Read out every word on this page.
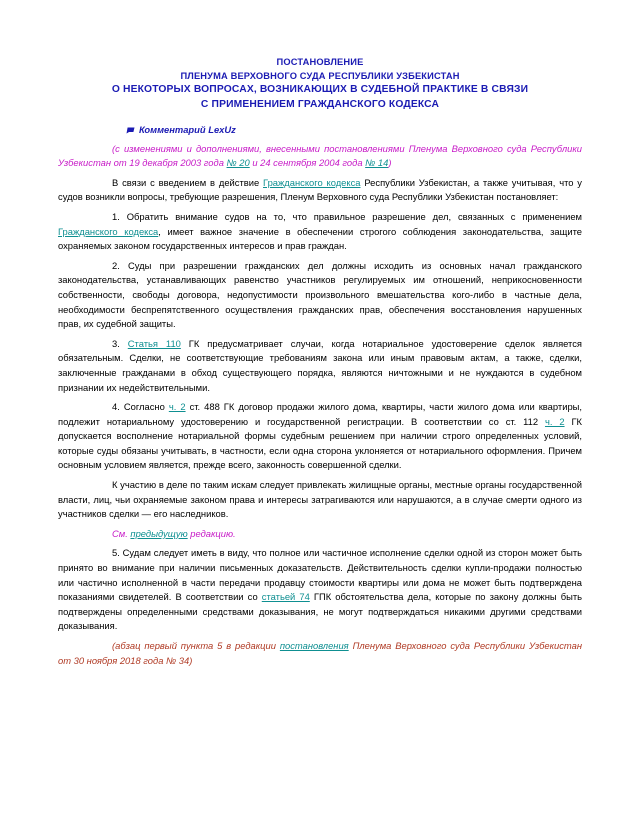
ПОСТАНОВЛЕНИЕ
ПЛЕНУМА ВЕРХОВНОГО СУДА РЕСПУБЛИКИ УЗБЕКИСТАН
О НЕКОТОРЫХ ВОПРОСАХ, ВОЗНИКАЮЩИХ В СУДЕБНОЙ ПРАКТИКЕ В СВЯЗИ
С ПРИМЕНЕНИЕМ ГРАЖДАНСКОГО КОДЕКСА
Комментарий LexUz
(с изменениями и дополнениями, внесенными постановлениями Пленума Верховного суда Республики Узбекистан от 19 декабря 2003 года № 20 и 24 сентября 2004 года № 14)
В связи с введением в действие Гражданского кодекса Республики Узбекистан, а также учитывая, что у судов возникли вопросы, требующие разрешения, Пленум Верховного суда Республики Узбекистан постановляет:
1. Обратить внимание судов на то, что правильное разрешение дел, связанных с применением Гражданского кодекса, имеет важное значение в обеспечении строгого соблюдения законодательства, защите охраняемых законом государственных интересов и прав граждан.
2. Суды при разрешении гражданских дел должны исходить из основных начал гражданского законодательства, устанавливающих равенство участников регулируемых им отношений, неприкосновенности собственности, свободы договора, недопустимости произвольного вмешательства кого-либо в частные дела, необходимости беспрепятственного осуществления гражданских прав, обеспечения восстановления нарушенных прав, их судебной защиты.
3. Статья 110 ГК предусматривает случаи, когда нотариальное удостоверение сделок является обязательным. Сделки, не соответствующие требованиям закона или иным правовым актам, а также, сделки, заключенные гражданами в обход существующего порядка, являются ничтожными и не нуждаются в судебном признании их недействительными.
4. Согласно ч. 2 ст. 488 ГК договор продажи жилого дома, квартиры, части жилого дома или квартиры, подлежит нотариальному удостоверению и государственной регистрации. В соответствии со ст. 112 ч. 2 ГК допускается восполнение нотариальной формы судебным решением при наличии строго определенных условий, которые суды обязаны учитывать, в частности, если одна сторона уклоняется от нотариального оформления. Причем основным условием является, прежде всего, законность совершенной сделки.
К участию в деле по таким искам следует привлекать жилищные органы, местные органы государственной власти, лиц, чьи охраняемые законом права и интересы затрагиваются или нарушаются, а в случае смерти одного из участников сделки — его наследников.
См. предыдущую редакцию.
5. Судам следует иметь в виду, что полное или частичное исполнение сделки одной из сторон может быть принято во внимание при наличии письменных доказательств. Действительность сделки купли-продажи полностью или частично исполненной в части передачи продавцу стоимости квартиры или дома не может быть подтверждена показаниями свидетелей. В соответствии со статьей 74 ГПК обстоятельства дела, которые по закону должны быть подтверждены определенными средствами доказывания, не могут подтверждаться никакими другими средствами доказывания.
(абзац первый пункта 5 в редакции постановления Пленума Верховного суда Республики Узбекистан от 30 ноября 2018 года № 34)
